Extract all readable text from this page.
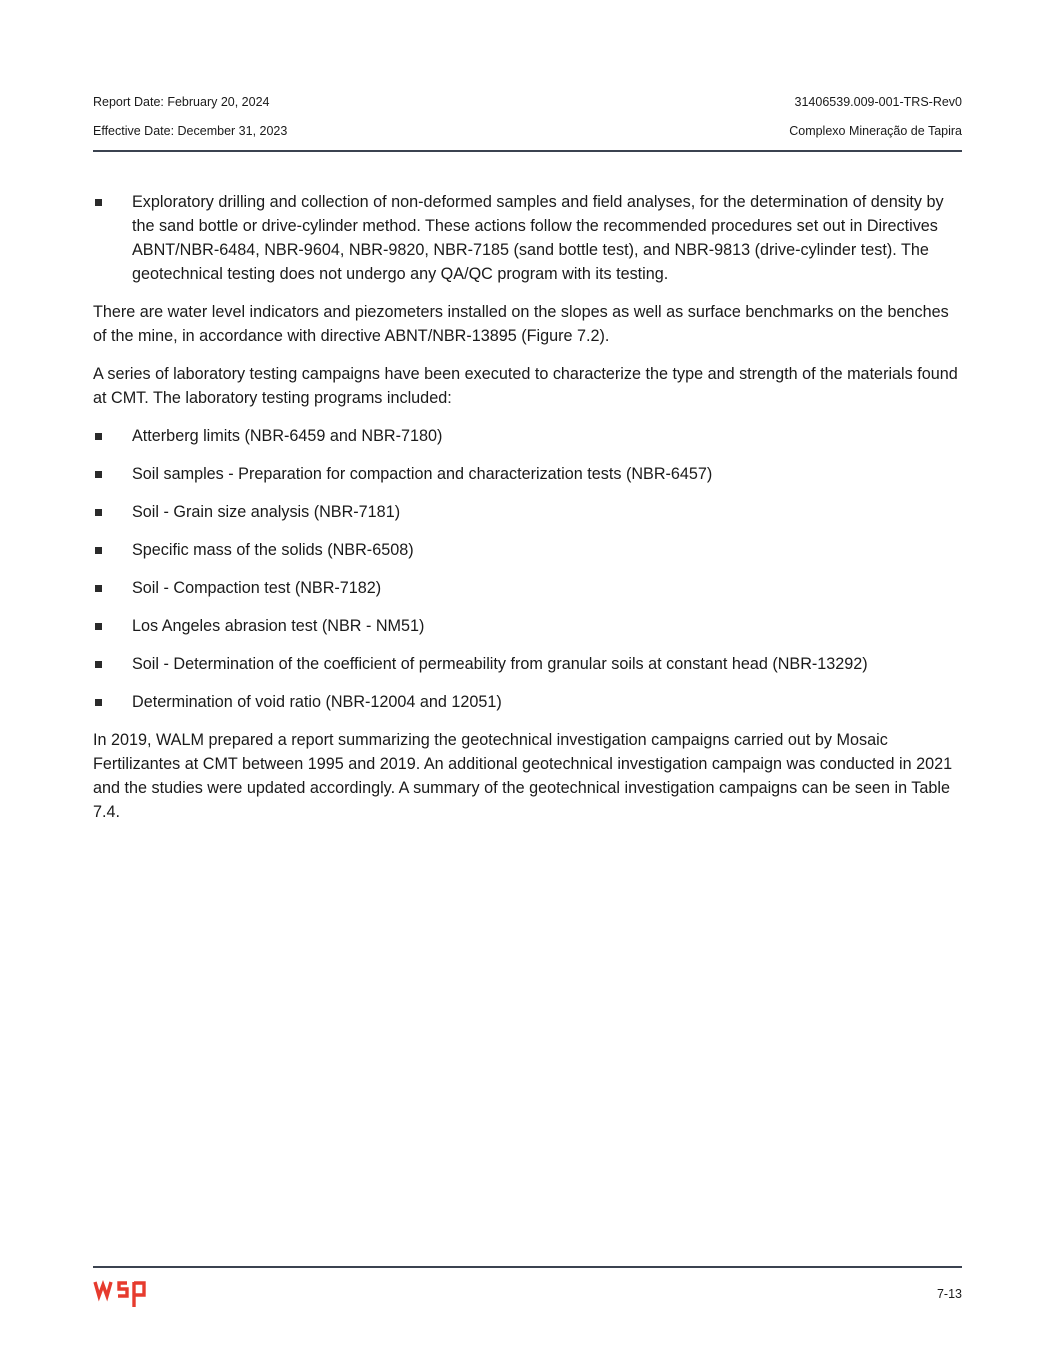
Report Date: February 20, 2024	31406539.009-001-TRS-Rev0
Effective Date: December 31, 2023	Complexo Mineração de Tapira
Exploratory drilling and collection of non-deformed samples and field analyses, for the determination of density by the sand bottle or drive-cylinder method. These actions follow the recommended procedures set out in Directives ABNT/NBR-6484, NBR-9604, NBR-9820, NBR-7185 (sand bottle test), and NBR-9813 (drive-cylinder test). The geotechnical testing does not undergo any QA/QC program with its testing.
There are water level indicators and piezometers installed on the slopes as well as surface benchmarks on the benches of the mine, in accordance with directive ABNT/NBR-13895 (Figure 7.2).
A series of laboratory testing campaigns have been executed to characterize the type and strength of the materials found at CMT. The laboratory testing programs included:
Atterberg limits (NBR-6459 and NBR-7180)
Soil samples - Preparation for compaction and characterization tests (NBR-6457)
Soil - Grain size analysis (NBR-7181)
Specific mass of the solids (NBR-6508)
Soil - Compaction test (NBR-7182)
Los Angeles abrasion test (NBR - NM51)
Soil - Determination of the coefficient of permeability from granular soils at constant head (NBR-13292)
Determination of void ratio (NBR-12004 and 12051)
In 2019, WALM prepared a report summarizing the geotechnical investigation campaigns carried out by Mosaic Fertilizantes at CMT between 1995 and 2019. An additional geotechnical investigation campaign was conducted in 2021 and the studies were updated accordingly. A summary of the geotechnical investigation campaigns can be seen in Table 7.4.
7-13
